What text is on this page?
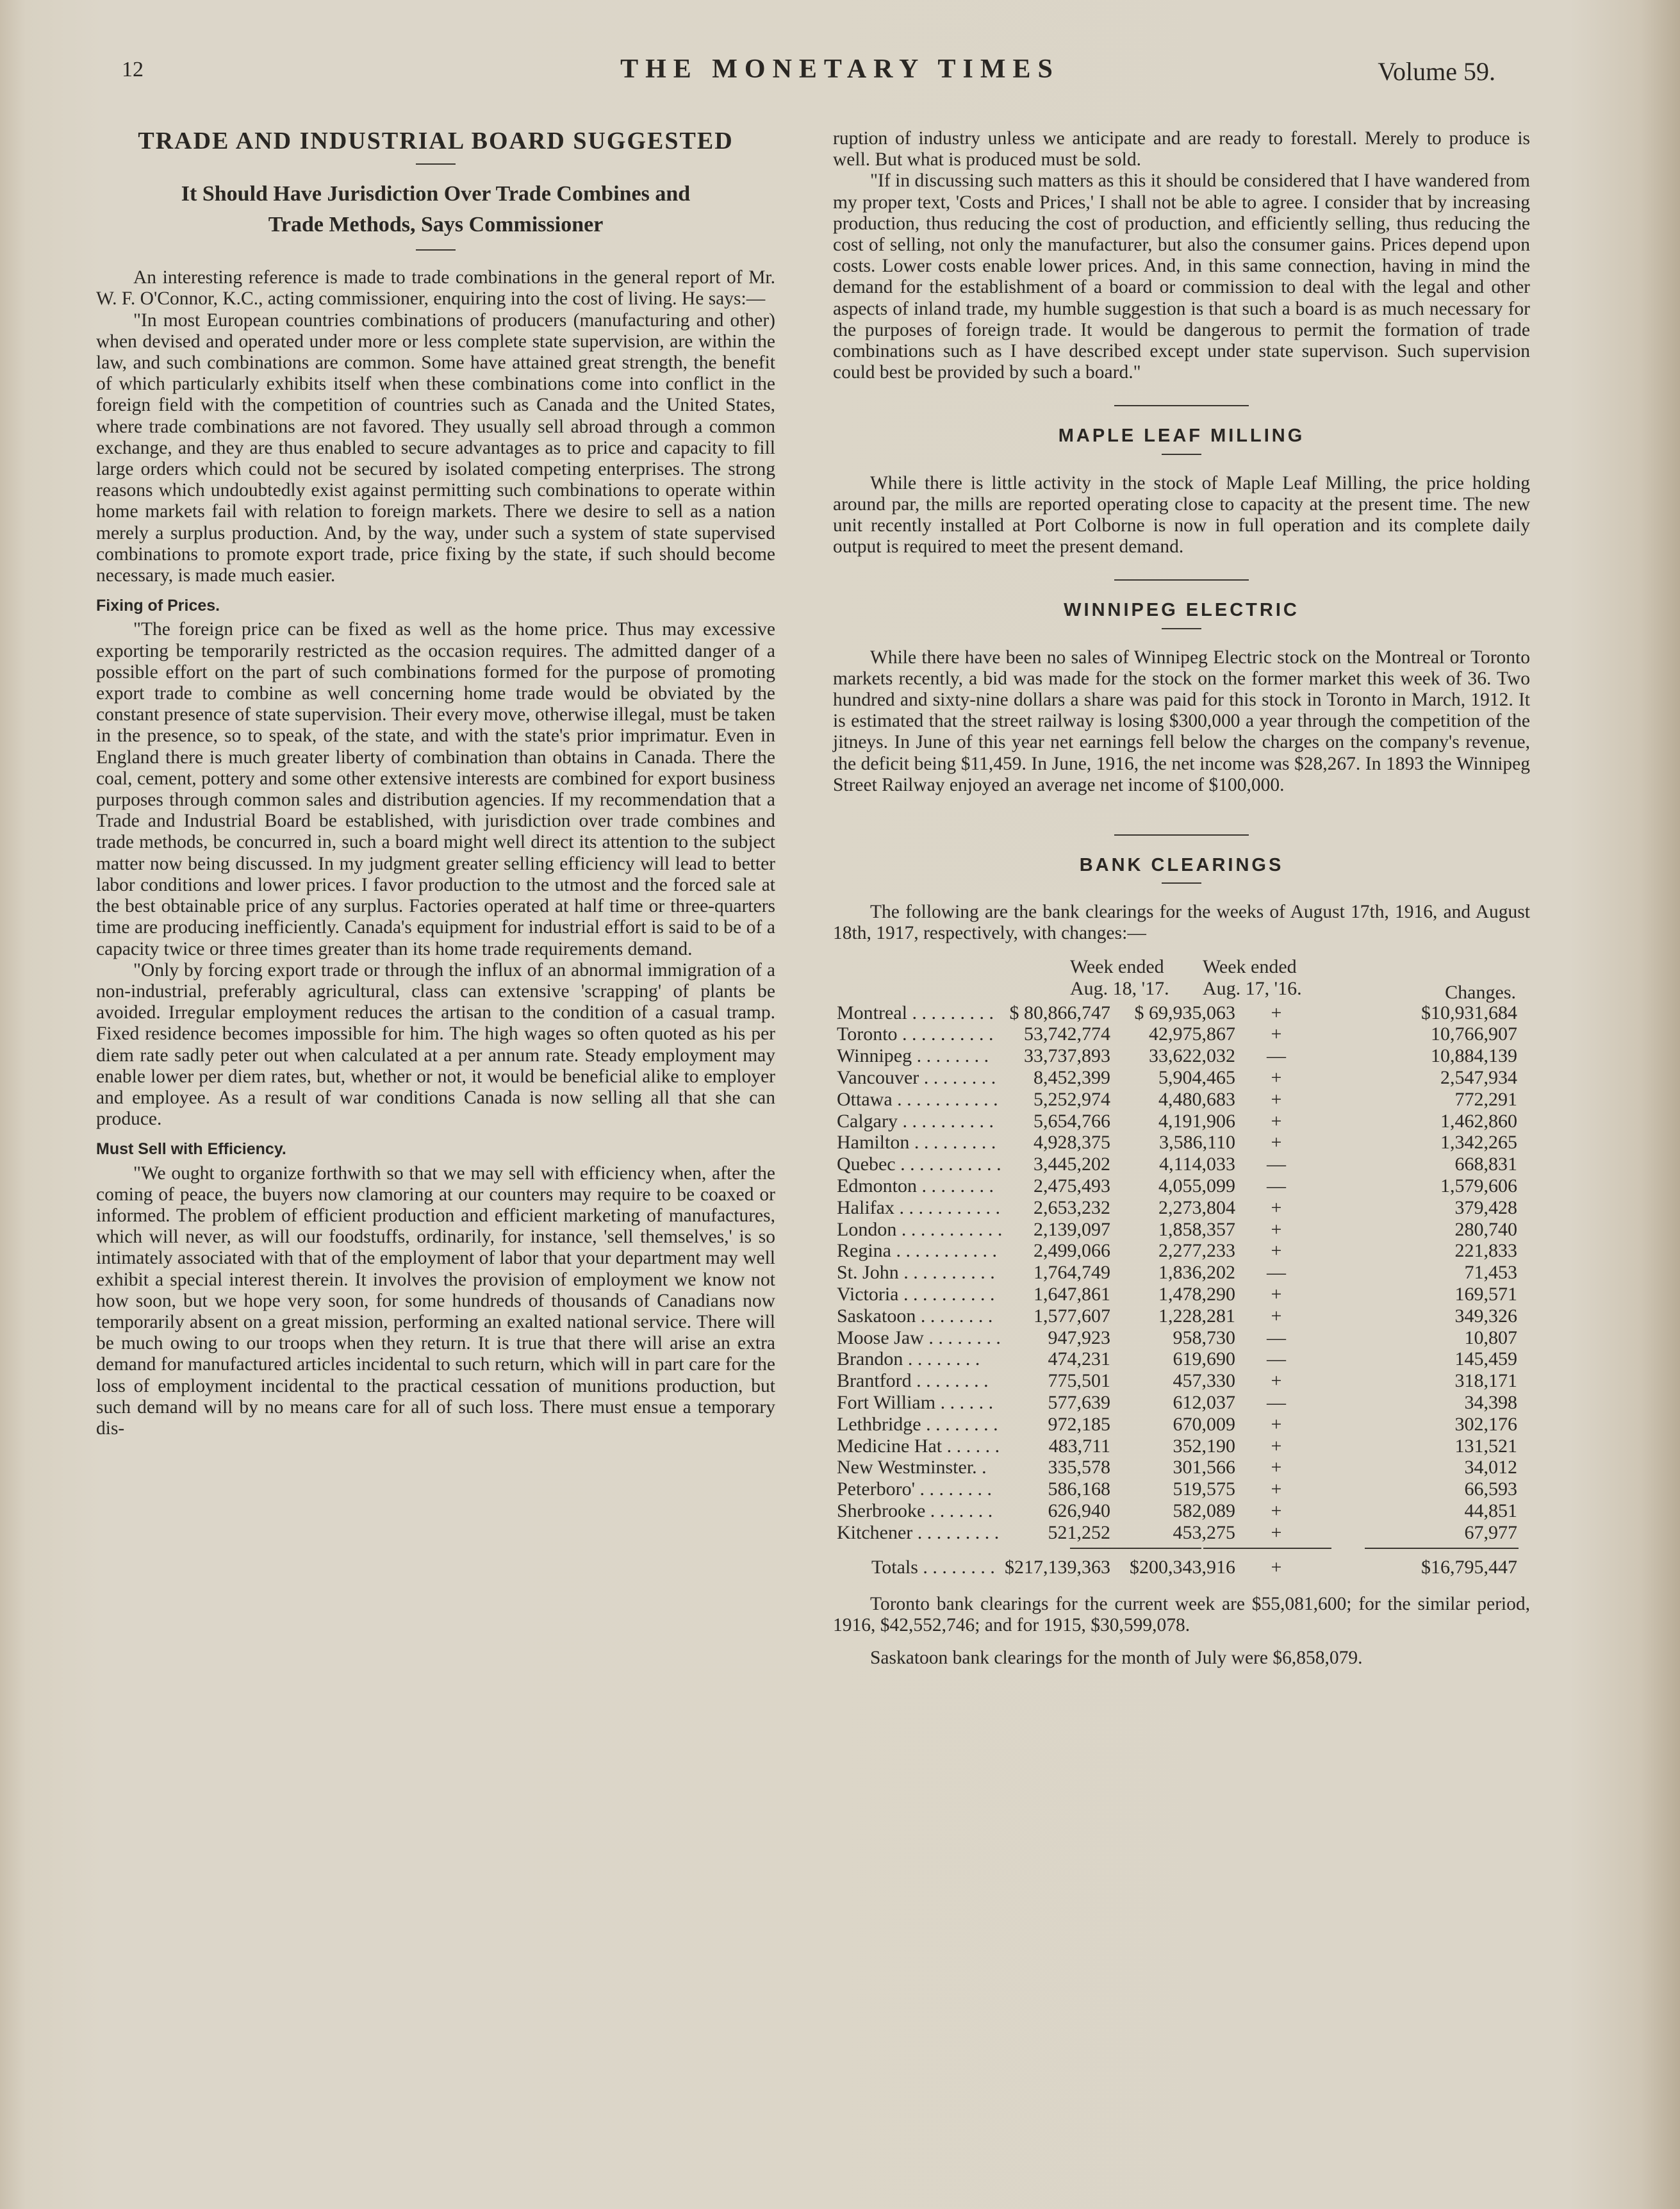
12	THE MONETARY TIMES	Volume 59.
TRADE AND INDUSTRIAL BOARD SUGGESTED
It Should Have Jurisdiction Over Trade Combines and
Trade Methods, Says Commissioner

An interesting reference is made to trade combinations in the general report of Mr. W. F. O'Connor, K.C., acting commissioner, enquiring into the cost of living. He says:—

"In most European countries combinations of producers (manufacturing and other) when devised and operated under more or less complete state supervision, are within the law, and such combinations are common. Some have attained great strength, the benefit of which particularly exhibits itself when these combinations come into conflict in the foreign field with the competition of countries such as Canada and the United States, where trade combinations are not favored. They usually sell abroad through a common exchange, and they are thus enabled to secure advantages as to price and capacity to fill large orders which could not be secured by isolated competing enterprises. The strong reasons which undoubtedly exist against permitting such combinations to operate within home markets fail with relation to foreign markets. There we desire to sell as a nation merely a surplus production. And, by the way, under such a system of state supervised combinations to promote export trade, price fixing by the state, if such should become necessary, is made much easier.

Fixing of Prices.

"The foreign price can be fixed as well as the home price. Thus may excessive exporting be temporarily restricted as the occasion requires. The admitted danger of a possible effort on the part of such combinations formed for the purpose of promoting export trade to combine as well concerning home trade would be obviated by the constant presence of state supervision. Their every move, otherwise illegal, must be taken in the presence, so to speak, of the state, and with the state's prior imprimatur. Even in England there is much greater liberty of combination than obtains in Canada. There the coal, cement, pottery and some other extensive interests are combined for export business purposes through common sales and distribution agencies. If my recommendation that a Trade and Industrial Board be established, with jurisdiction over trade combines and trade methods, be concurred in, such a board might well direct its attention to the subject matter now being discussed. In my judgment greater selling efficiency will lead to better labor conditions and lower prices. I favor production to the utmost and the forced sale at the best obtainable price of any surplus. Factories operated at half time or three-quarters time are producing inefficiently. Canada's equipment for industrial effort is said to be of a capacity twice or three times greater than its home trade requirements demand.

"Only by forcing export trade or through the influx of an abnormal immigration of a non-industrial, preferably agricultural, class can extensive 'scrapping' of plants be avoided. Irregular employment reduces the artisan to the condition of a casual tramp. Fixed residence becomes impossible for him. The high wages so often quoted as his per diem rate sadly peter out when calculated at a per annum rate. Steady employment may enable lower per diem rates, but, whether or not, it would be beneficial alike to employer and employee. As a result of war conditions Canada is now selling all that she can produce.

Must Sell with Efficiency.

"We ought to organize forthwith so that we may sell with efficiency when, after the coming of peace, the buyers now clamoring at our counters may require to be coaxed or informed. The problem of efficient production and efficient marketing of manufactures, which will never, as will our foodstuffs, ordinarily, for instance, 'sell themselves,' is so intimately associated with that of the employment of labor that your department may well exhibit a special interest therein. It involves the provision of employment we know not how soon, but we hope very soon, for some hundreds of thousands of Canadians now temporarily absent on a great mission, performing an exalted national service. There will be much owing to our troops when they return. It is true that there will arise an extra demand for manufactured articles incidental to such return, which will in part care for the loss of employment incidental to the practical cessation of munitions production, but such demand will by no means care for all of such loss. There must ensue a temporary dis-

ruption of industry unless we anticipate and are ready to forestall. Merely to produce is well. But what is produced must be sold.

"If in discussing such matters as this it should be considered that I have wandered from my proper text, 'Costs and Prices,' I shall not be able to agree. I consider that by increasing production, thus reducing the cost of production, and efficiently selling, thus reducing the cost of selling, not only the manufacturer, but also the consumer gains. Prices depend upon costs. Lower costs enable lower prices. And, in this same connection, having in mind the demand for the establishment of a board or commission to deal with the legal and other aspects of inland trade, my humble suggestion is that such a board is as much necessary for the purposes of foreign trade. It would be dangerous to permit the formation of trade combinations such as I have described except under state supervison. Such supervision could best be provided by such a board."

MAPLE LEAF MILLING

While there is little activity in the stock of Maple Leaf Milling, the price holding around par, the mills are reported operating close to capacity at the present time. The new unit recently installed at Port Colborne is now in full operation and its complete daily output is required to meet the present demand.

WINNIPEG ELECTRIC

While there have been no sales of Winnipeg Electric stock on the Montreal or Toronto markets recently, a bid was made for the stock on the former market this week of 36. Two hundred and sixty-nine dollars a share was paid for this stock in Toronto in March, 1912. It is estimated that the street railway is losing $300,000 a year through the competition of the jitneys. In June of this year net earnings fell below the charges on the company's revenue, the deficit being $11,459. In June, 1916, the net income was $28,267. In 1893 the Winnipeg Street Railway enjoyed an average net income of $100,000.

BANK CLEARINGS

The following are the bank clearings for the weeks of August 17th, 1916, and August 18th, 1917, respectively, with changes:—

Week ended
Aug. 18, '17.
Week ended
Aug. 17, '16.	Changes.
Montreal . . . . . . . . . $ 80,866,747 $ 69,935,063 +	$10,931,684
Toronto . . . . . . . . . . 53,742,774 42,975,867 +	10,766,907
Winnipeg . . . . . . . . 33,737,893 33,622,032 —	10,884,139
Vancouver . . . . . . . . 8,452,399	5,904,465 +	2,547,934
Ottawa . . . . . . . . . . . 5,252,974	4,480,683 +	772,291
Calgary . . . . . . . . . . 5,654,766	4,191,906 +	1,462,860
Hamilton . . . . . . . . . 4,928,375	3,586,110 +	1,342,265
Quebec . . . . . . . . . . . 3,445,202	4,114,033 —	668,831
Edmonton . . . . . . . . 2,475,493	4,055,099 —	1,579,606
Halifax . . . . . . . . . . . 2,653,232	2,273,804 +	379,428
London . . . . . . . . . . . 2,139,097	1,858,357 +	280,740
Regina . . . . . . . . . . . 2,499,066	2,277,233 +	221,833
St. John . . . . . . . . . . 1,764,749	1,836,202 —	71,453
Victoria . . . . . . . . . . 1,647,861	1,478,290 +	169,571
Saskatoon . . . . . . . . 1,577,607	1,228,281 +	349,326
Moose Jaw . . . . . . . . 947,923	958,730 —	10,807
Brandon . . . . . . . .	474,231	619,690 —	145,459
Brantford . . . . . . . .	775,501	457,330 +	318,171
Fort William . . . . . .	577,639	612,037 —	34,398
Lethbridge . . . . . . . .	972,185	670,009 +	302,176
Medicine Hat . . . . . .	483,711	352,190 +	131,521
New Westminster. .	335,578	301,566 +	34,012
Peterboro' . . . . . . . .	586,168	519,575 +	66,593
Sherbrooke . . . . . . .	626,940	582,089 +	44,851
Kitchener . . . . . . . . .	521,252	453,275 +	67,977
Totals . . . . . . . . $217,139,363 $200,343,916 +	$16,795,447

Toronto bank clearings for the current week are $55,081,600; for the similar period, 1916, $42,552,746; and for 1915, $30,599,078.

Saskatoon bank clearings for the month of July were $6,858,079.
